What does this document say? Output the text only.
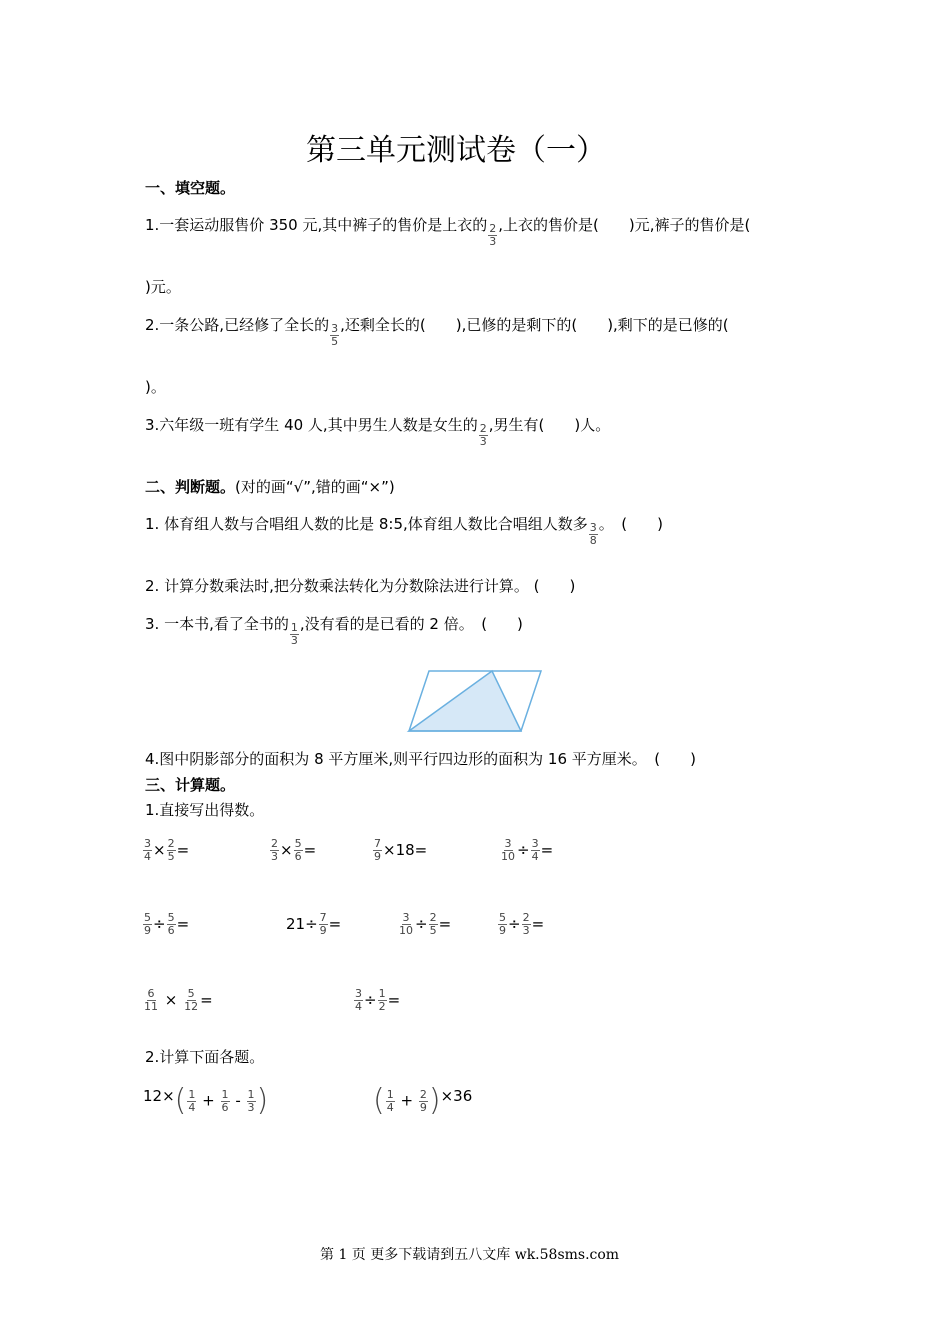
第三单元测试卷（一）
一、填空题。
1.一套运动服售价 350 元,其中裤子的售价是上衣的 $\frac{2}{3}$ ,上衣的售价是(　　)元,裤子的售价是(
)元。
2.一条公路,已经修了全长的 $\frac{3}{5}$ ,还剩全长的(　　),已修的是剩下的(　　),剩下的是已修的(
)。
3.六年级一班有学生 40 人,其中男生人数是女生的 $\frac{2}{3}$ ,男生有(　　)人。
二、判断题。(对的画“√”,错的画“×”)
1. 体育组人数与合唱组人数的比是 8:5,体育组人数比合唱组人数多 $\frac{3}{8}$ 。　(　　)
2. 计算分数乘法时,把分数乘法转化为分数除法进行计算。 (　　)
3. 一本书,看了全书的 $\frac{1}{3}$ ,没有看的是已看的 2 倍。　(　　)
4.图中阴影部分的面积为 8 平方厘米,则平行四边形的面积为 16 平方厘米。　(　　)
三、计算题。
1.直接写出得数。
$\frac{3}{4} \times \frac{2}{5}$ =	$\frac{2}{3} \times \frac{5}{6}$ =	$\frac{7}{9} \times 18=$	$\frac{3}{10} \div \frac{3}{4}$ =
$\frac{5}{9} \div \frac{5}{6}$ =	$21\div \frac{7}{9}$ =	$\frac{3}{10} \div \frac{2}{5}$ =	$\frac{5}{9} \div \frac{2}{3}$ =
$\frac{6}{11} \times \frac{5}{12}$ =	$\frac{3}{4} \div \frac{1}{2}$ =
2.计算下面各题。
$12\times( \frac{1}{4} + \frac{1}{6} - \frac{1}{3}$ )	( $\frac{1}{4} + \frac{2}{9} )\times 36$
第 1 页 更多下载请到五八文库 wk.58sms.com
